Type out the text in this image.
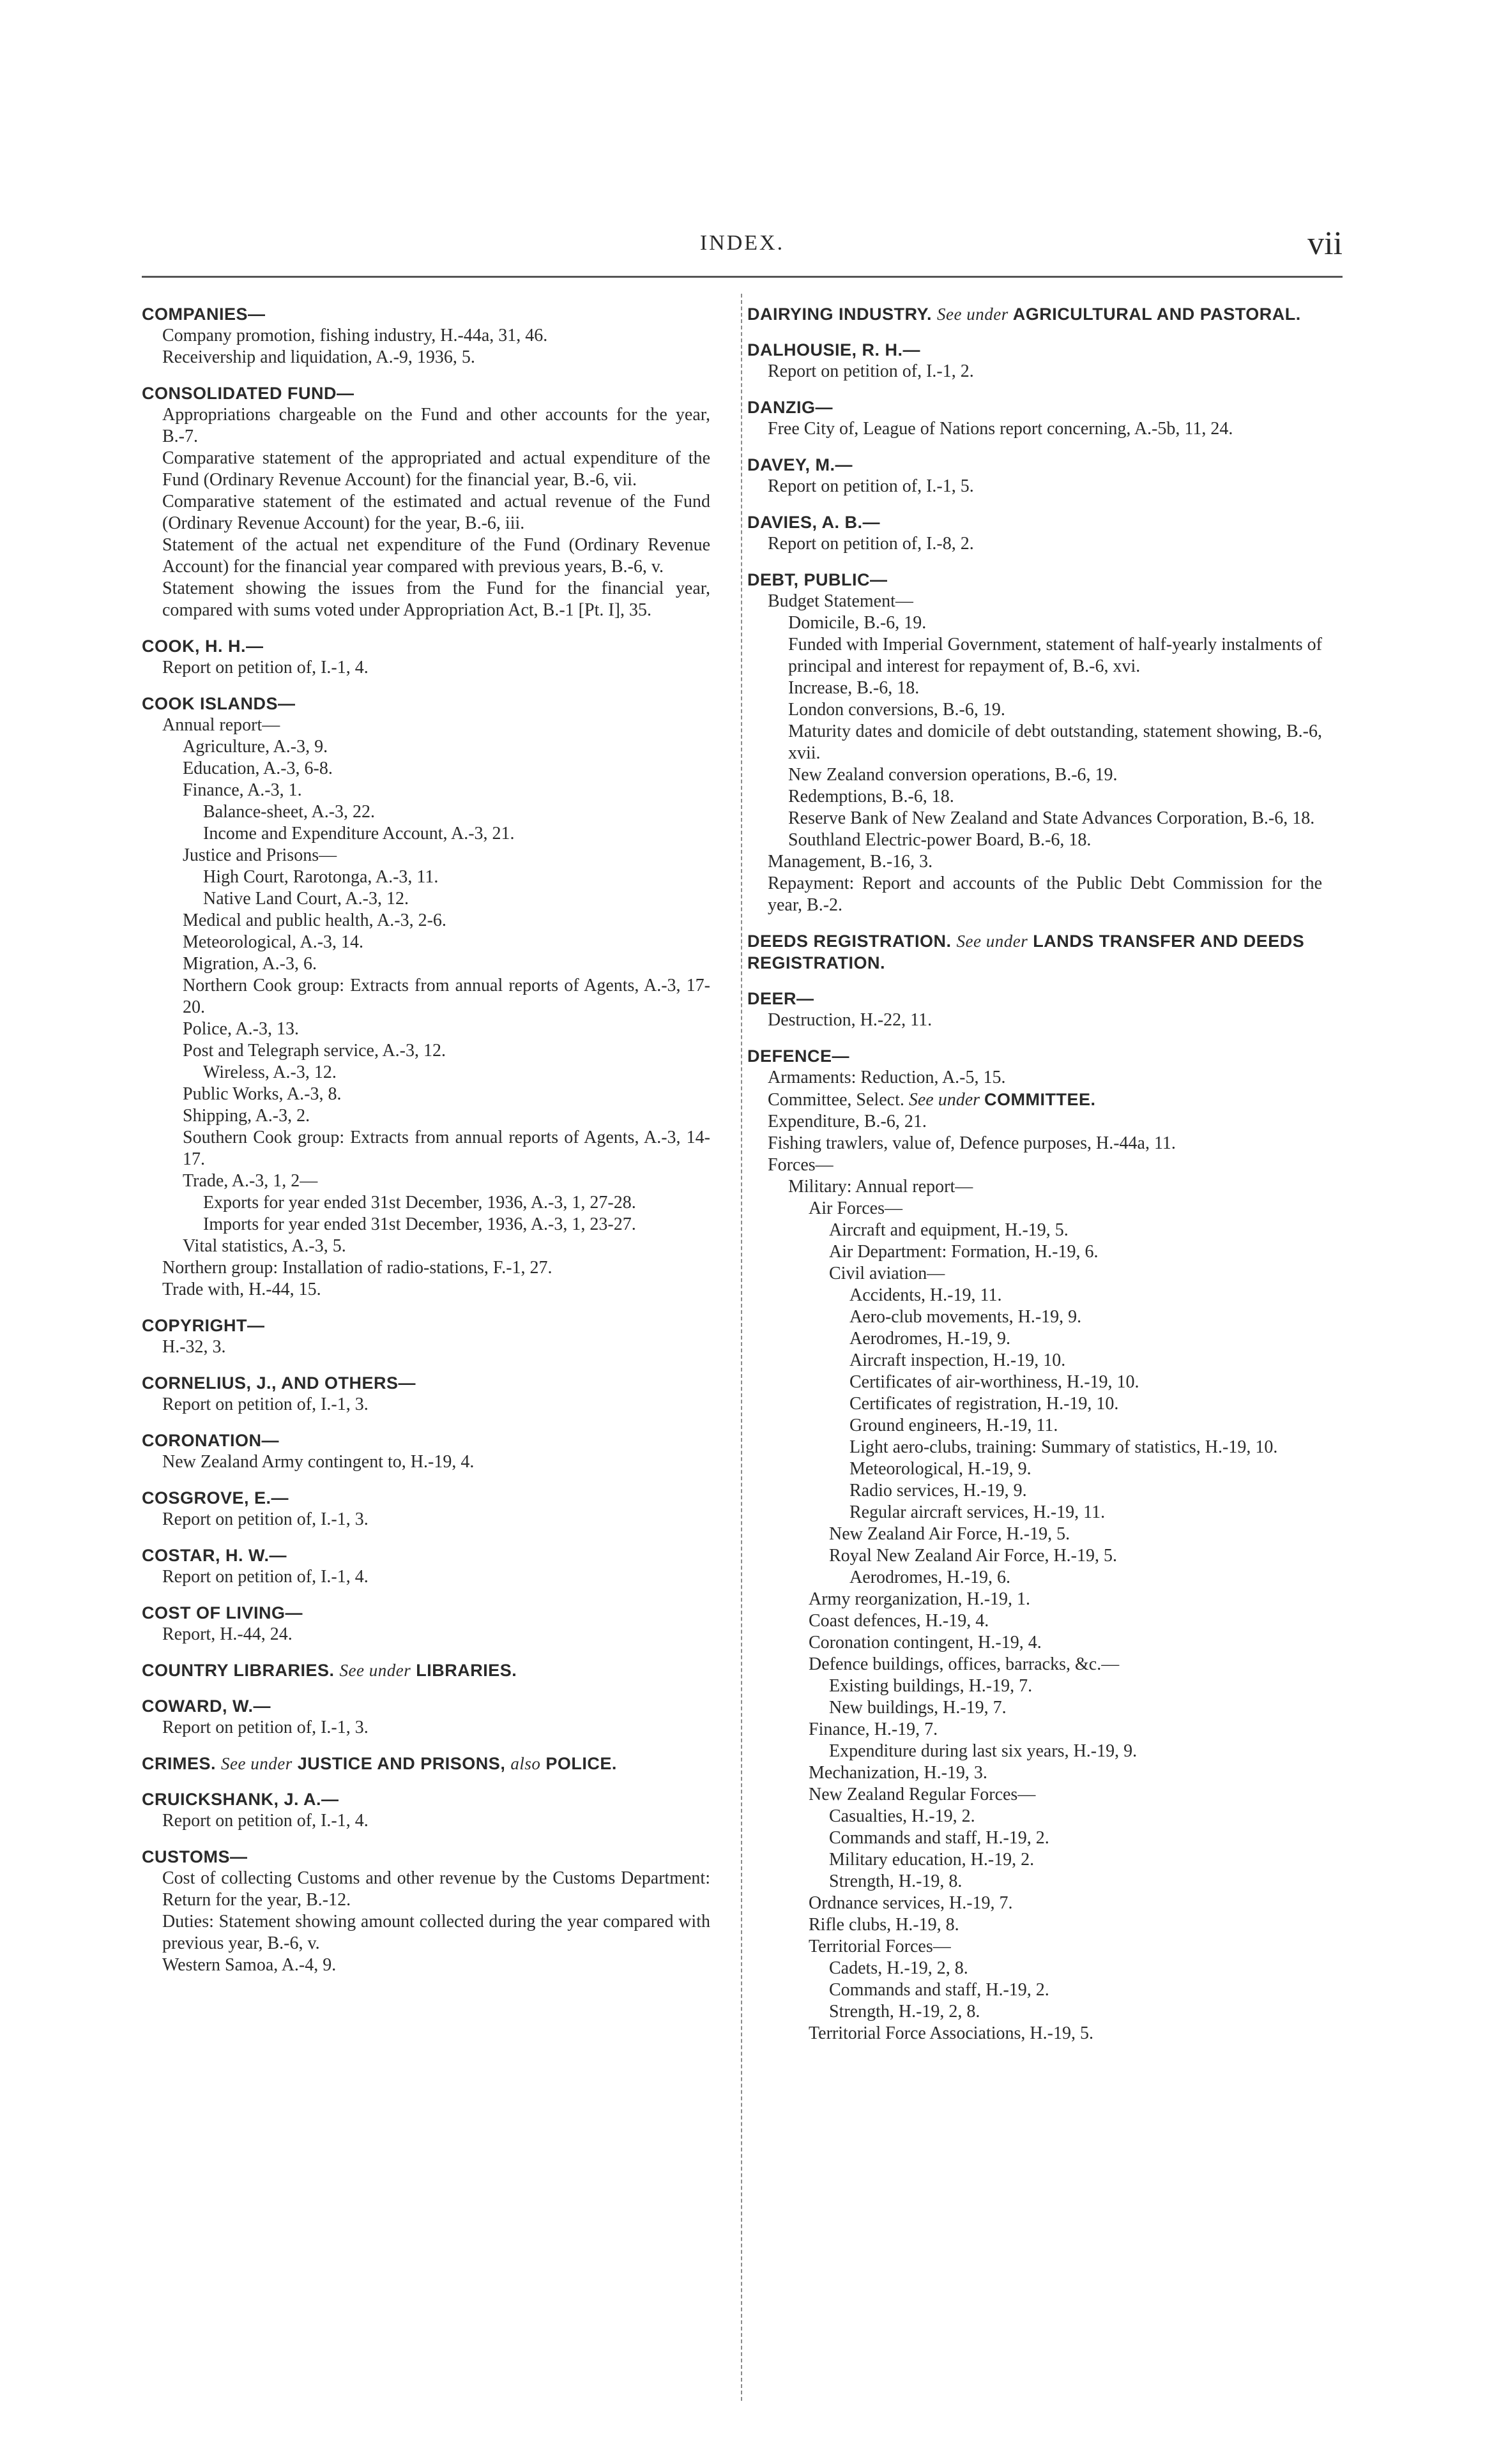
INDEX.	vii
COMPANIES—
Company promotion, fishing industry, H.-44a, 31, 46.
Receivership and liquidation, A.-9, 1936, 5.
CONSOLIDATED FUND—
Appropriations chargeable on the Fund and other accounts for the year, B.-7.
Comparative statement of the appropriated and actual expenditure of the Fund (Ordinary Revenue Account) for the financial year, B.-6, vii.
Comparative statement of the estimated and actual revenue of the Fund (Ordinary Revenue Account) for the year, B.-6, iii.
Statement of the actual net expenditure of the Fund (Ordinary Revenue Account) for the financial year compared with previous years, B.-6, v.
Statement showing the issues from the Fund for the financial year, compared with sums voted under Appropriation Act, B.-1 [Pt. I], 35.
COOK, H. H.—
Report on petition of, I.-1, 4.
COOK ISLANDS—
Annual report—
Agriculture, A.-3, 9.
Education, A.-3, 6-8.
Finance, A.-3, 1.
Balance-sheet, A.-3, 22.
Income and Expenditure Account, A.-3, 21.
Justice and Prisons—
High Court, Rarotonga, A.-3, 11.
Native Land Court, A.-3, 12.
Medical and public health, A.-3, 2-6.
Meteorological, A.-3, 14.
Migration, A.-3, 6.
Northern Cook group: Extracts from annual reports of Agents, A.-3, 17-20.
Police, A.-3, 13.
Post and Telegraph service, A.-3, 12.
Wireless, A.-3, 12.
Public Works, A.-3, 8.
Shipping, A.-3, 2.
Southern Cook group: Extracts from annual reports of Agents, A.-3, 14-17.
Trade, A.-3, 1, 2—
Exports for year ended 31st December, 1936, A.-3, 1, 27-28.
Imports for year ended 31st December, 1936, A.-3, 1, 23-27.
Vital statistics, A.-3, 5.
Northern group: Installation of radio-stations, F.-1, 27.
Trade with, H.-44, 15.
COPYRIGHT—
H.-32, 3.
CORNELIUS, J., AND OTHERS—
Report on petition of, I.-1, 3.
CORONATION—
New Zealand Army contingent to, H.-19, 4.
COSGROVE, E.—
Report on petition of, I.-1, 3.
COSTAR, H. W.—
Report on petition of, I.-1, 4.
COST OF LIVING—
Report, H.-44, 24.
COUNTRY LIBRARIES. See under LIBRARIES.
COWARD, W.—
Report on petition of, I.-1, 3.
CRIMES. See under JUSTICE AND PRISONS, also POLICE.
CRUICKSHANK, J. A.—
Report on petition of, I.-1, 4.
CUSTOMS—
Cost of collecting Customs and other revenue by the Customs Department: Return for the year, B.-12.
Duties: Statement showing amount collected during the year compared with previous year, B.-6, v.
Western Samoa, A.-4, 9.
DAIRYING INDUSTRY. See under AGRICULTURAL AND PASTORAL.
DALHOUSIE, R. H.—
Report on petition of, I.-1, 2.
DANZIG—
Free City of, League of Nations report concerning, A.-5b, 11, 24.
DAVEY, M.—
Report on petition of, I.-1, 5.
DAVIES, A. B.—
Report on petition of, I.-8, 2.
DEBT, PUBLIC—
Budget Statement—
Domicile, B.-6, 19.
Funded with Imperial Government, statement of half-yearly instalments of principal and interest for repayment of, B.-6, xvi.
Increase, B.-6, 18.
London conversions, B.-6, 19.
Maturity dates and domicile of debt outstanding, statement showing, B.-6, xvii.
New Zealand conversion operations, B.-6, 19.
Redemptions, B.-6, 18.
Reserve Bank of New Zealand and State Advances Corporation, B.-6, 18.
Southland Electric-power Board, B.-6, 18.
Management, B.-16, 3.
Repayment: Report and accounts of the Public Debt Commission for the year, B.-2.
DEEDS REGISTRATION. See under LANDS TRANSFER AND DEEDS REGISTRATION.
DEER—
Destruction, H.-22, 11.
DEFENCE—
Armaments: Reduction, A.-5, 15.
Committee, Select. See under COMMITTEE.
Expenditure, B.-6, 21.
Fishing trawlers, value of, Defence purposes, H.-44a, 11.
Forces—
Military: Annual report—
Air Forces—
Aircraft and equipment, H.-19, 5.
Air Department: Formation, H.-19, 6.
Civil aviation—
Accidents, H.-19, 11.
Aero-club movements, H.-19, 9.
Aerodromes, H.-19, 9.
Aircraft inspection, H.-19, 10.
Certificates of air-worthiness, H.-19, 10.
Certificates of registration, H.-19, 10.
Ground engineers, H.-19, 11.
Light aero-clubs, training: Summary of statistics, H.-19, 10.
Meteorological, H.-19, 9.
Radio services, H.-19, 9.
Regular aircraft services, H.-19, 11.
New Zealand Air Force, H.-19, 5.
Royal New Zealand Air Force, H.-19, 5.
Aerodromes, H.-19, 6.
Army reorganization, H.-19, 1.
Coast defences, H.-19, 4.
Coronation contingent, H.-19, 4.
Defence buildings, offices, barracks, &c.—
Existing buildings, H.-19, 7.
New buildings, H.-19, 7.
Finance, H.-19, 7.
Expenditure during last six years, H.-19, 9.
Mechanization, H.-19, 3.
New Zealand Regular Forces—
Casualties, H.-19, 2.
Commands and staff, H.-19, 2.
Military education, H.-19, 2.
Strength, H.-19, 8.
Ordnance services, H.-19, 7.
Rifle clubs, H.-19, 8.
Territorial Forces—
Cadets, H.-19, 2, 8.
Commands and staff, H.-19, 2.
Strength, H.-19, 2, 8.
Territorial Force Associations, H.-19, 5.
